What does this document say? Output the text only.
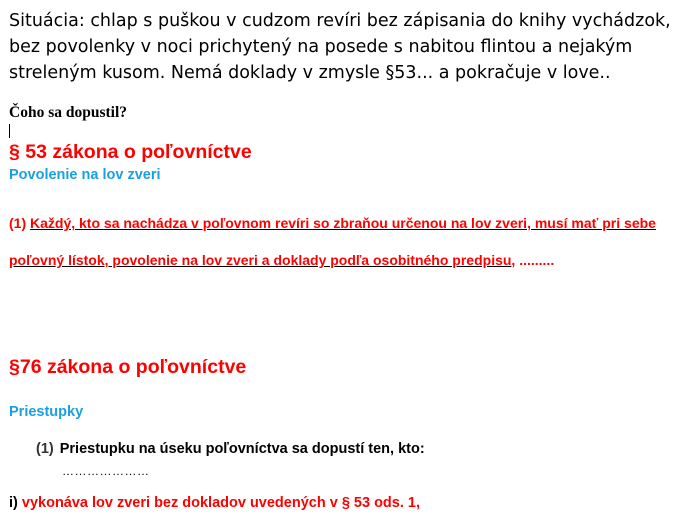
Situácia: chlap s puškou v cudzom revíri bez zápisania do knihy vychádzok, bez povolenky v noci prichytený na posede s nabitou flintou a nejakým streleným kusom. Nemá doklady v zmysle §53... a pokračuje v love..
Čoho sa dopustil?
§ 53 zákona o poľovníctve
Povolenie na lov zveri
(1) Každý, kto sa nachádza v poľovnom revíri so zbraňou určenou na lov zveri, musí mať pri sebe poľovný lístok, povolenie na lov zveri a doklady podľa osobitného predpisu, .........
§76 zákona o poľovníctve
Priestupky
(1) Priestupku na úseku poľovníctva sa dopustí ten, kto:
…………………
i) vykonáva lov zveri bez dokladov uvedených v § 53 ods. 1,
